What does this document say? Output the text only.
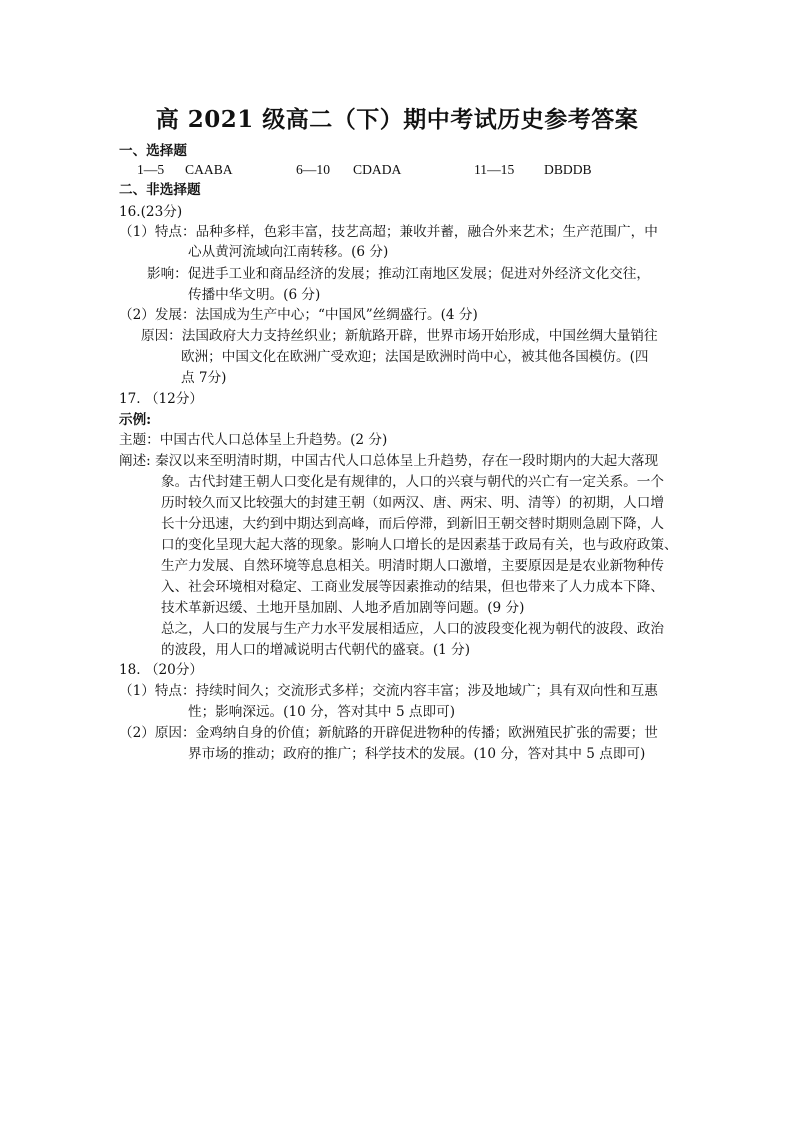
高 2021 级高二（下）期中考试历史参考答案
一、选择题
1—5 CAABA	6—10 CDADA	11—15 DBDDB
二、非选择题
16.(23分)
（1）特点：品种多样，色彩丰富，技艺高超；兼收并蓄，融合外来艺术；生产范围广，中
心从黄河流域向江南转移。(6 分)
影响：促进手工业和商品经济的发展；推动江南地区发展；促进对外经济文化交往，
传播中华文明。(6 分)
（2）发展：法国成为生产中心；“中国风”丝绸盛行。(4 分)
原因：法国政府大力支持丝织业；新航路开辟，世界市场开始形成，中国丝绸大量销往
欧洲；中国文化在欧洲广受欢迎；法国是欧洲时尚中心，被其他各国模仿。(四
点 7分)
17. （12分）
示例:
主题：中国古代人口总体呈上升趋势。(2 分)
阐述: 秦汉以来至明清时期，中国古代人口总体呈上升趋势，存在一段时期内的大起大落现
象。古代封建王朝人口变化是有规律的，人口的兴衰与朝代的兴亡有一定关系。一个
历时较久而又比较强大的封建王朝（如两汉、唐、两宋、明、清等）的初期，人口增
长十分迅速，大约到中期达到高峰，而后停滞，到新旧王朝交替时期则急剧下降，人
口的变化呈现大起大落的现象。影响人口增长的是因素基于政局有关，也与政府政策、
生产力发展、自然环境等息息相关。明清时期人口激增，主要原因是是农业新物种传
入、社会环境相对稳定、工商业发展等因素推动的结果，但也带来了人力成本下降、
技术革新迟缓、土地开垦加剧、人地矛盾加剧等问题。(9 分)
总之，人口的发展与生产力水平发展相适应，人口的波段变化视为朝代的波段、政治
的波段，用人口的增减说明古代朝代的盛衰。(1 分)
18. （20分）
（1）特点：持续时间久；交流形式多样；交流内容丰富；涉及地域广；具有双向性和互惠
性；影响深远。(10 分，答对其中 5 点即可)
（2）原因：金鸡纳自身的价值；新航路的开辟促进物种的传播；欧洲殖民扩张的需要；世
界市场的推动；政府的推广；科学技术的发展。(10 分，答对其中 5 点即可)
